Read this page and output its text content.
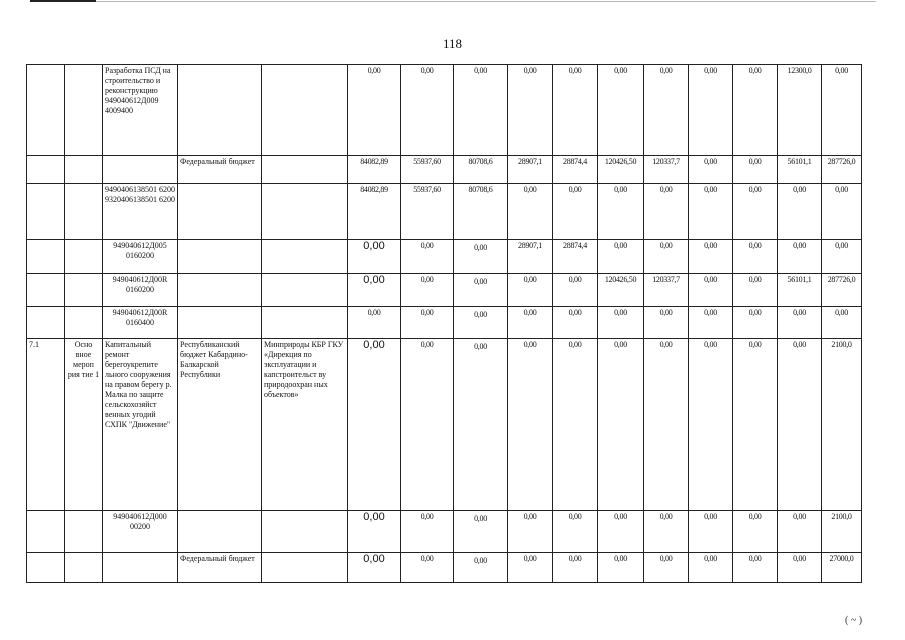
118
		Разработка ПСД на строительство и реконструкцию 949040612Д009 4009400			0,00	0,00	0,00	0,00	0,00	0,00	0,00	0,00	0,00	12300,0	0,00
			Федеральный бюджет		84082,89	55937,60	80708,6	28907,1	28874,4	120426,50	120337,7	0,00	0,00	56101,1	287726,0
		9490406138501 6200 9320406138501 6200			84082,89	55937,60	80708,6	0,00	0,00	0,00	0,00	0,00	0,00	0,00	0,00
		949040612Д005 0160200			0,00	0,00	0,00	28907,1	28874,4	0,00	0,00	0,00	0,00	0,00	0,00
		949040612Д00R 0160200			0,00	0,00	0,00	0,00	0,00	120426,50	120337,7	0,00	0,00	56101,1	287726,0
		949040612Д00R 0160400			0,00	0,00	0,00	0,00	0,00	0,00	0,00	0,00	0,00	0,00	0,00
7.1	Осно вное мероп рия тие 1	Капитальный ремонт берегоукрепите льного сооружения на правом берегу р. Малка по защите сельскохозяйст венных угодий СХПК "Движение"	Республиканский бюджет Кабардино-Балкарской Республики	Минприроды КБР ГКУ «Дирекция по эксплуатации и капстроительст ву природоохран ных объектов»	0,00	0,00	0,00	0,00	0,00	0,00	0,00	0,00	0,00	0,00	2100,0
		949040612Д000 00200			0,00	0,00	0,00	0,00	0,00	0,00	0,00	0,00	0,00	0,00	2100,0
			Федеральный бюджет		0,00	0,00	0,00	0,00	0,00	0,00	0,00	0,00	0,00	0,00	27000,0
( ~ )
